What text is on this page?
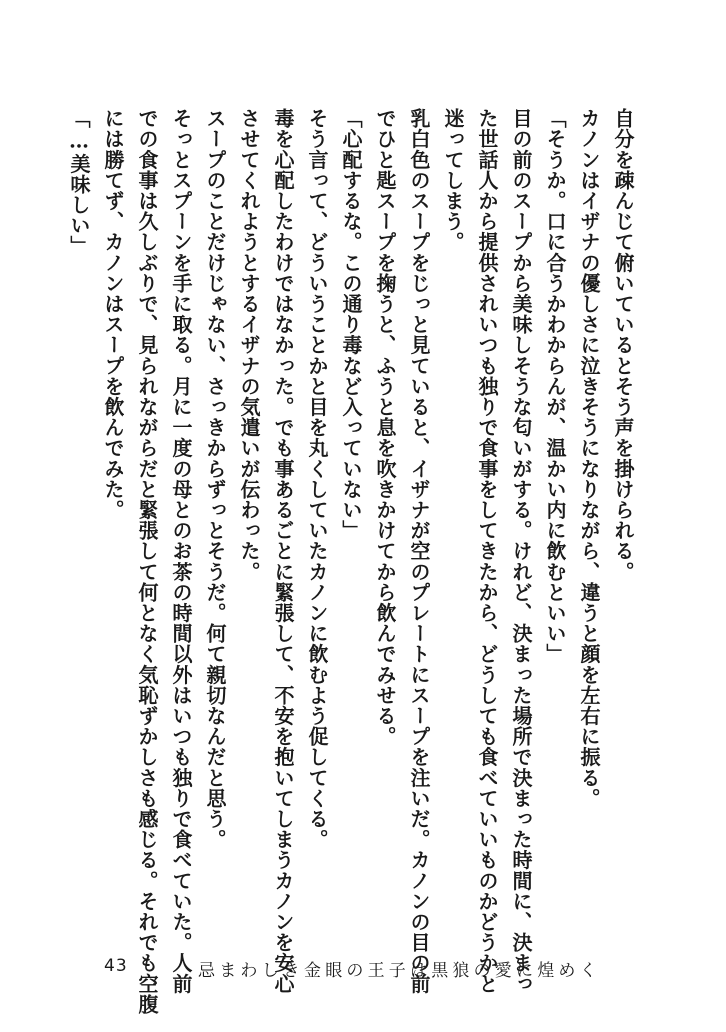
自分を疎んじて俯いているとそう声を掛けられる。

カノンはイザナの優しさに泣きそうになりながら、違うと顔を左右に振る。

「そうか。口に合うかわからんが、温かい内に飲むといい」

目の前のスープから美味しそうな匂いがする。けれど、決まった場所で決まった時間に、決まっ

た世話人から提供されいつも独りで食事をしてきたから、どうしても食べていいものかどうかと

迷ってしまう。

乳白色のスープをじっと見ていると、イザナが空のプレートにスープを注いだ。カノンの目の前

でひと匙スープを掬うと、ふうと息を吹きかけてから飲んでみせる。

「心配するな。この通り毒など入っていない」

そう言って、どういうことかと目を丸くしていたカノンに飲むよう促してくる。

毒を心配したわけではなかった。でも事あるごとに緊張して、不安を抱いてしまうカノンを安心

させてくれようとするイザナの気遣いが伝わった。

スープのことだけじゃない、さっきからずっとそうだ。何て親切なんだと思う。

そっとスプーンを手に取る。月に一度の母とのお茶の時間以外はいつも独りで食べていた。人前

での食事は久しぶりで、見られながらだと緊張して何となく気恥ずかしさも感じる。それでも空腹

には勝てず、カノンはスープを飲んでみた。

「…美味しい」

43	忌まわしき金眼の王子は黒狼の愛に煌めく
